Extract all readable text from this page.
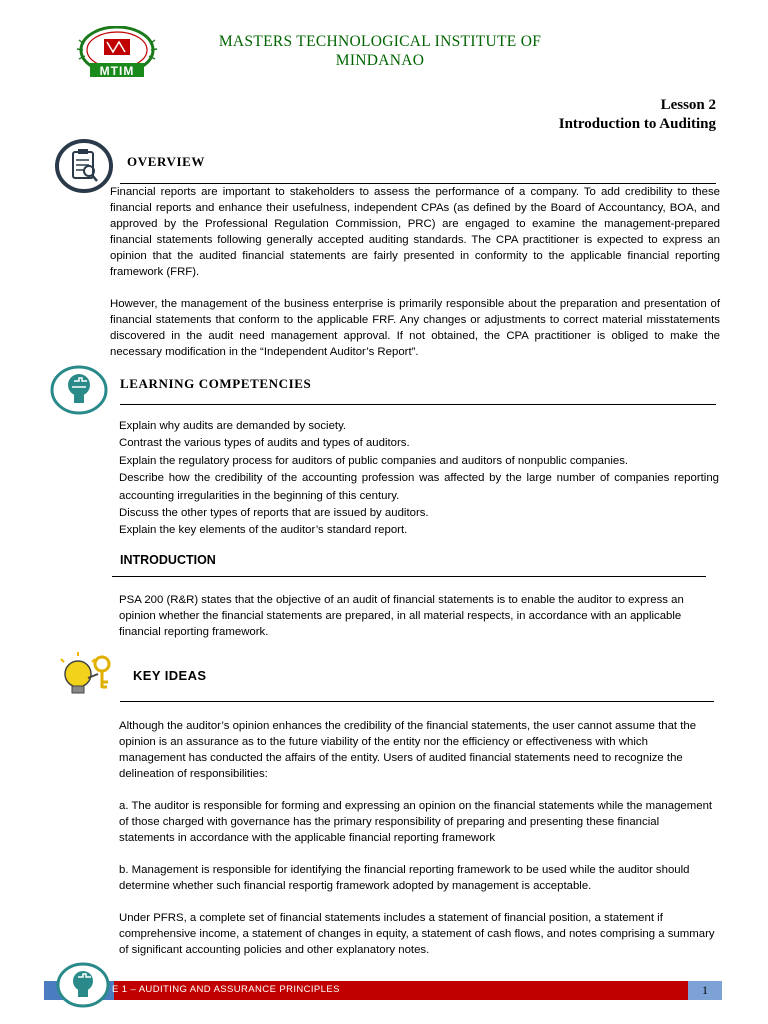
MTIM
MASTERS TECHNOLOGICAL INSTITUTE OF
MINDANAO
Lesson 2
Introduction to Auditing
OVERVIEW

Financial reports are important to stakeholders to assess the performance of a company. To add credibility to these financial reports and enhance their usefulness, independent CPAs (as defined by the Board of Accountancy, BOA, and approved by the Professional Regulation Commission, PRC) are engaged to examine the management-prepared financial statements following generally accepted auditing standards. The CPA practitioner is expected to express an opinion that the audited financial statements are fairly presented in conformity to the applicable financial reporting framework (FRF).

However, the management of the business enterprise is primarily responsible about the preparation and presentation of financial statements that conform to the applicable FRF. Any changes or adjustments to correct material misstatements discovered in the audit need management approval. If not obtained, the CPA practitioner is obliged to make the necessary modification in the “Independent Auditor’s Report”.

LEARNING COMPETENCIES
Explain why audits are demanded by society.
Contrast the various types of audits and types of auditors.
Explain the regulatory process for auditors of public companies and auditors of nonpublic companies.
Describe how the credibility of the accounting profession was affected by the large number of companies reporting accounting irregularities in the beginning of this century.
Discuss the other types of reports that are issued by auditors.
Explain the key elements of the auditor’s standard report.
INTRODUCTION
PSA 200 (R&R) states that the objective of an audit of financial statements is to enable the auditor to express an opinion whether the financial statements are prepared, in all material respects, in accordance with an applicable financial reporting framework.
KEY IDEAS

Although the auditor’s opinion enhances the credibility of the financial statements, the user cannot assume that the opinion is an assurance as to the future viability of the entity nor the efficiency or effectiveness with which management has conducted the affairs of the entity. Users of audited financial statements need to recognize the delineation of responsibilities:

a. The auditor is responsible for forming and expressing an opinion on the financial statements while the management of those charged with governance has the primary responsibility of preparing and presenting these financial statements in accordance with the applicable financial reporting framework

b. Management is responsible for identifying the financial reporting framework to be used while the auditor should determine whether such financial resportig framework adopted by management is acceptable.

Under PFRS, a complete set of financial statements includes a statement of financial position, a statement if comprehensive income, a statement of changes in equity, a statement of cash flows, and notes comprising a summary of significant accounting policies and other explanatory notes.

E 1 – AUDITING AND ASSURANCE PRINCIPLES	1
